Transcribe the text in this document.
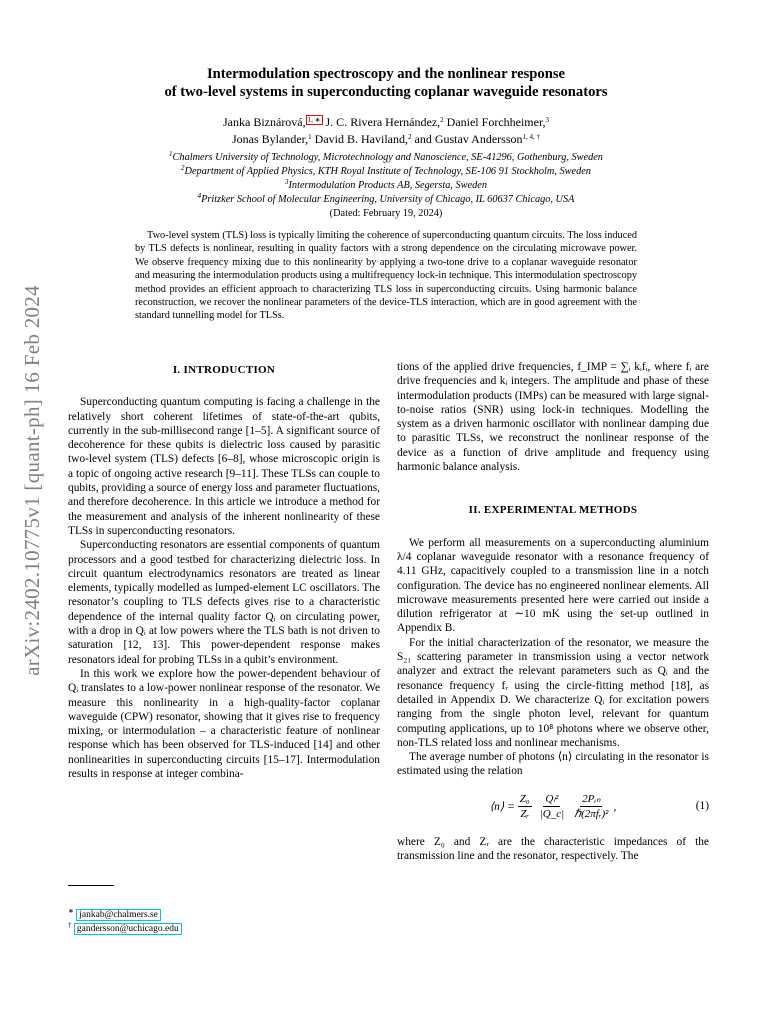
arXiv:2402.10775v1 [quant-ph] 16 Feb 2024
Intermodulation spectroscopy and the nonlinear response
of two-level systems in superconducting coplanar waveguide resonators
Janka Biznárová, $^{1, ∗}$ J. C. Rivera Hernández,$^2$ Daniel Forchheimer,$^3$
Jonas Bylander,$^1$ David B. Haviland,$^2$ and Gustav Andersson$^{1, 4, \dagger}$
$^1$Chalmers University of Technology, Microtechnology and Nanoscience, SE-41296, Gothenburg, Sweden
$^2$Department of Applied Physics, KTH Royal Institute of Technology, SE-106 91 Stockholm, Sweden
$^3$Intermodulation Products AB, Segersta, Sweden
$^4$Pritzker School of Molecular Engineering, University of Chicago, IL 60637 Chicago, USA
(Dated: February 19, 2024)
Two-level system (TLS) loss is typically limiting the coherence of superconducting quantum circuits. The loss induced by TLS defects is nonlinear, resulting in quality factors with a strong dependence on the circulating microwave power. We observe frequency mixing due to this nonlinearity by applying a two-tone drive to a coplanar waveguide resonator and measuring the intermodulation products using a multifrequency lock-in technique. This intermodulation spectroscopy method provides an efficient approach to characterizing TLS loss in superconducting circuits. Using harmonic balance reconstruction, we recover the nonlinear parameters of the device-TLS interaction, which are in good agreement with the standard tunnelling model for TLSs.
I. INTRODUCTION

Superconducting quantum computing is facing a challenge in the relatively short coherent lifetimes of state-of-the-art qubits, currently in the sub-millisecond range [1–5]. A significant source of decoherence for these qubits is dielectric loss caused by parasitic two-level system (TLS) defects [6–8], whose microscopic origin is a topic of ongoing active research [9–11]. These TLSs can couple to qubits, providing a source of energy loss and parameter fluctuations, and therefore decoherence. In this article we introduce a method for the measurement and analysis of the inherent nonlinearity of these TLSs in superconducting resonators.

Superconducting resonators are essential components of quantum processors and a good testbed for characterizing dielectric loss. In circuit quantum electrodynamics resonators are treated as linear elements, typically modelled as lumped-element LC oscillators. The resonator’s coupling to TLS defects gives rise to a characteristic dependence of the internal quality factor Qᵢ on circulating power, with a drop in Qᵢ at low powers where the TLS bath is not driven to saturation [12, 13]. This power-dependent response makes resonators ideal for probing TLSs in a qubit’s environment.

In this work we explore how the power-dependent behaviour of Qᵢ translates to a low-power nonlinear response of the resonator. We measure this nonlinearity in a high-quality-factor coplanar waveguide (CPW) resonator, showing that it gives rise to frequency mixing, or intermodulation – a characteristic feature of nonlinear response which has been observed for TLS-induced [14] and other nonlinearities in superconducting circuits [15–17]. Intermodulation results in response at integer combina-

tions of the applied drive frequencies, f_IMP = ∑ᵢ kᵢfᵢ, where fᵢ are drive frequencies and kᵢ integers. The amplitude and phase of these intermodulation products (IMPs) can be measured with large signal-to-noise ratios (SNR) using lock-in techniques. Modelling the system as a driven harmonic oscillator with nonlinear damping due to parasitic TLSs, we reconstruct the nonlinear response of the device as a function of drive amplitude and frequency using harmonic balance analysis.

II. EXPERIMENTAL METHODS

We perform all measurements on a superconducting aluminium λ/4 coplanar waveguide resonator with a resonance frequency of 4.11 GHz, capacitively coupled to a transmission line in a notch configuration. The device has no engineered nonlinear elements. All microwave measurements presented here were carried out inside a dilution refrigerator at ∼10 mK using the set-up outlined in Appendix B.

For the initial characterization of the resonator, we measure the S₂₁ scattering parameter in transmission using a vector network analyzer and extract the relevant parameters such as Qᵢ and the resonance frequency fᵣ using the circle-fitting method [18], as detailed in Appendix D. We characterize Qᵢ for excitation powers ranging from the single photon level, relevant for quantum computing applications, up to 10⁸ photons where we observe other, non-TLS related loss and nonlinear mechanisms.

The average number of photons ⟨n⟩ circulating in the resonator is estimated using the relation

⟨n⟩ = $\frac{\text{Z₀}}{\text{Zᵣ}} \frac{\text{Qₗ²}}{|Q\_c|} \frac{\text{2Pᵢₙ}}{\text{ℏ(2πfᵣ)²}}$ ,	(1)

where Z₀ and Zᵣ are the characteristic impedances of the transmission line and the resonator, respectively. The

∗ jankab@chalmers.se
† gandersson@uchicago.edu
